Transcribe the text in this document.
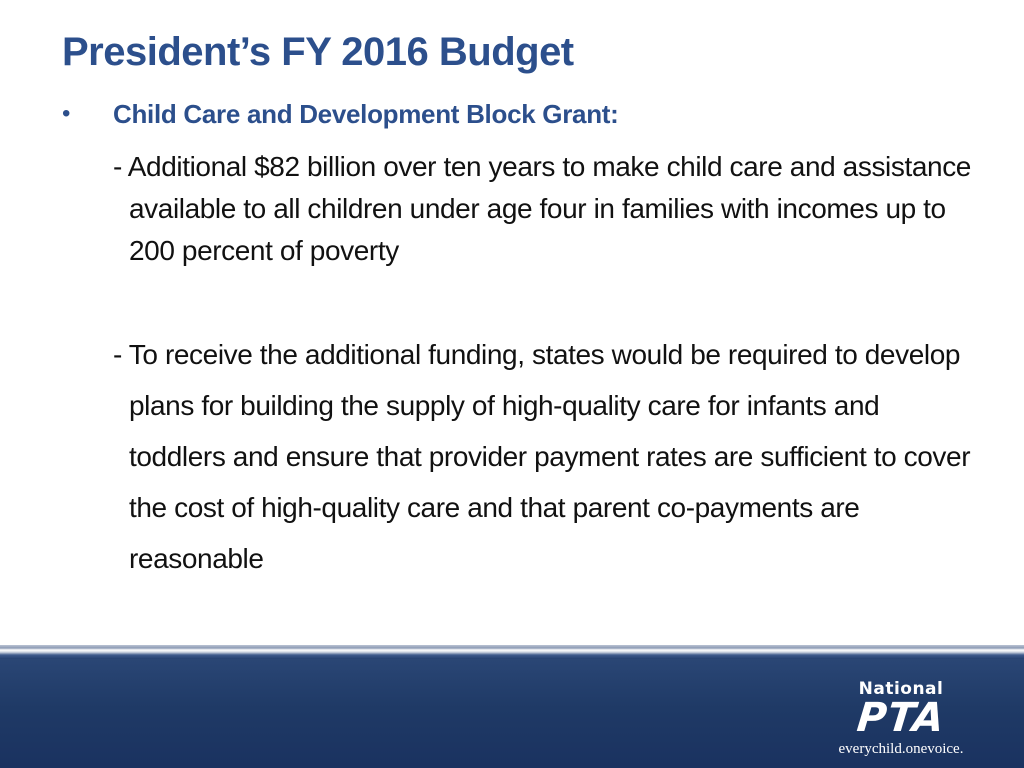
President’s FY 2016 Budget
• Child Care and Development Block Grant:

- Additional $82 billion over ten years to make child care and assistance available to all children under age four in families with incomes up to 200 percent of poverty

- To receive the additional funding, states would be required to develop plans for building the supply of high-quality care for infants and toddlers and ensure that provider payment rates are sufficient to cover the cost of high-quality care and that parent co-payments are reasonable

National
PTA
everychild.onevoice.
